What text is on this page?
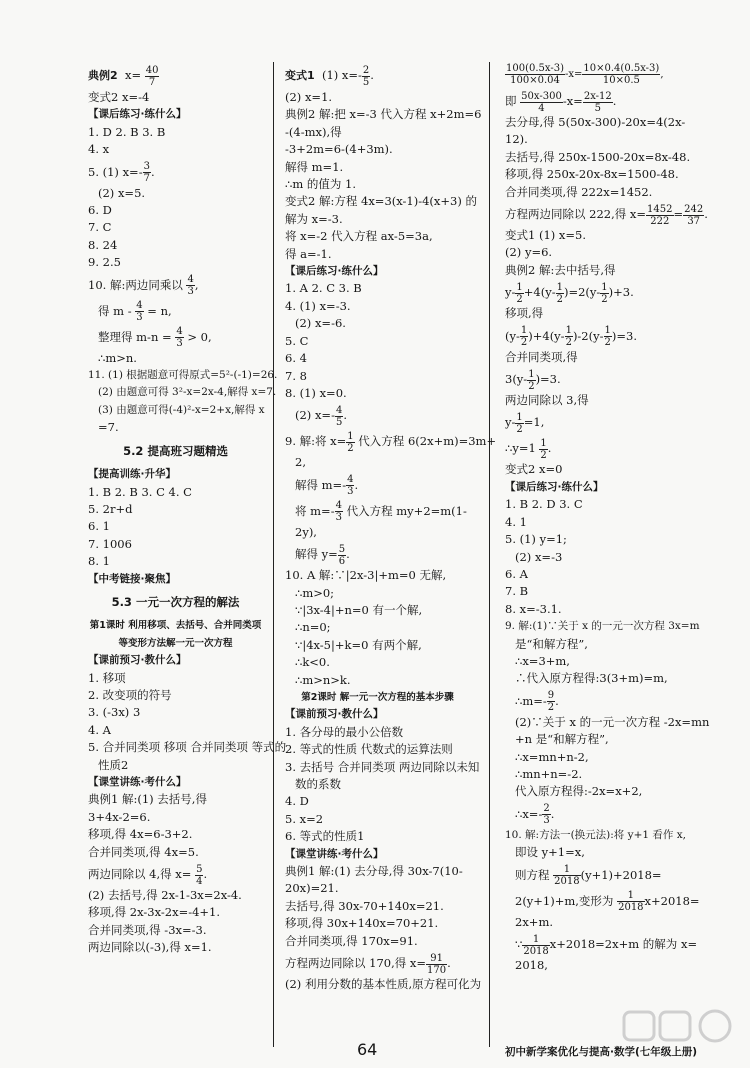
典例2  $x= \frac{40}{7}$
变式2 x=-4
【课后练习·练什么】
1. D 2. B 3. B
4. x
5. (1) $x=- \frac{3}{7}$ .
(2) x=5.
6. D
7. C
8. 24
9. 2.5
10. 解:两边同乘以 $\frac{4}{3}$ ,
得 $m - \frac{4}{3} = n$,
整理得 $m-n = \frac{4}{3} > 0$,
∴m>n.
11. (1) 根据题意可得原式=5²-(-1)=26.
(2) 由题意可得 3²-x=2x-4,解得 x=7.
(3) 由题意可得(-4)²-x=2+x,解得 x
=7.
5.2 提高班习题精选
【提高训练·升华】
1. B 2. B 3. C 4. C
5. 2r+d
6. 1
7. 1006
8. 1
【中考链接·聚焦】
5.3 一元一次方程的解法
第1课时 利用移项、去括号、合并同类项
等变形方法解一元一次方程
【课前预习·教什么】
1. 移项
2. 改变项的符号
3. (-3x) 3
4. A
5. 合并同类项 移项 合并同类项 等式的
性质2
【课堂讲练·考什么】
典例1 解:(1) 去括号,得
3+4x-2=6.
移项,得 4x=6-3+2.
合并同类项,得 4x=5.
两边同除以 4,得 $x= \frac{5}{4}$ .
(2) 去括号,得 2x-1-3x=2x-4.
移项,得 2x-3x-2x=-4+1.
合并同类项,得 -3x=-3.
两边同除以(-3),得 x=1.
变式1  (1) $x=- \frac{2}{5}$ .
(2) x=1.
典例2 解:把 x=-3 代入方程 x+2m=6
-(4-mx),得
-3+2m=6-(4+3m).
解得 m=1.
∴m 的值为 1.
变式2 解:方程 4x=3(x-1)-4(x+3) 的
解为 x=-3.
将 x=-2 代入方程 ax-5=3a,
得 a=-1.
【课后练习·练什么】
1. A 2. C 3. B
4. (1) x=-3.
(2) x=-6.
5. C
6. 4
7. 8
8. (1) x=0.
(2) $x=- \frac{4}{5}$ .
9. 解:将 $x= \frac{1}{2}$ 代入方程 6(2x+m)=3m+
2,
解得 $m=- \frac{4}{3}$ .
将 $m=- \frac{4}{3}$ 代入方程 my+2=m(1-
2y),
解得 $y= \frac{5}{6}$ .
10. A 解:∵|2x-3|+m=0 无解,
∴m>0;
∵|3x-4|+n=0 有一个解,
∴n=0;
∵|4x-5|+k=0 有两个解,
∴k<0.
∴m>n>k.
第2课时 解一元一次方程的基本步骤
【课前预习·教什么】
1. 各分母的最小公倍数
2. 等式的性质 代数式的运算法则
3. 去括号 合并同类项 两边同除以未知
数的系数
4. D
5. x=2
6. 等式的性质1
【课堂讲练·考什么】
典例1 解:(1) 去分母,得 30x-7(10-
20x)=21.
去括号,得 30x-70+140x=21.
移项,得 30x+140x=70+21.
合并同类项,得 170x=91.
方程两边同除以 170,得 $x= \frac{91}{170}$ .
(2) 利用分数的基本性质,原方程可化为
$\frac{100(0.5x-3)}{100\times 0.04} -x= \frac{10\times 0.4(0.5x-3)}{10\times 0.5}$ ,
即 $\frac{50x-300}{4} -x= \frac{2x-12}{5}$ .
去分母,得 5(50x-300)-20x=4(2x-
12).
去括号,得 250x-1500-20x=8x-48.
移项,得 250x-20x-8x=1500-48.
合并同类项,得 222x=1452.
方程两边同除以 222,得 $x= \frac{1452}{222} = \frac{242}{37}$ .
变式1 (1) x=5.
(2) y=6.
典例2 解:去中括号,得
$y- \frac{1}{2} +4(y- \frac{1}{2} )=2(y- \frac{1}{2} )+3$.
移项,得
$(y- \frac{1}{2} )+4(y- \frac{1}{2} )-2(y- \frac{1}{2} )=3$.
合并同类项,得
$3(y- \frac{1}{2} )=3$.
两边同除以 3,得
$y- \frac{1}{2} =1$,
∴y=1 $\frac{1}{2}$ .
变式2 x=0
【课后练习·练什么】
1. B 2. D 3. C
4. 1
5. (1) y=1;
(2) x=-3
6. A
7. B
8. x=-3.1.
9. 解:(1)∵关于 x 的一元一次方程 3x=m
是“和解方程”,
∴x=3+m,
∴代入原方程得:3(3+m)=m,
∴m=- $\frac{9}{2}$ .
(2)∵关于 x 的一元一次方程 -2x=mn
+n 是“和解方程”,
∴x=mn+n-2,
∴mn+n=-2.
代入原方程得:-2x=x+2,
∴x=- $\frac{2}{3}$ .
10. 解:方法一(换元法):将 y+1 看作 x,
即设 y+1=x,
则方程 $\frac{1}{2018} (y+1)+2018=$
2(y+1)+m,变形为 $\frac{1}{2018} x+2018=$
2x+m.
∵ $\frac{1}{2018} x+2018=2x+m$ 的解为 x=
2018,
64	初中新学案优化与提高·数学(七年级上册)
